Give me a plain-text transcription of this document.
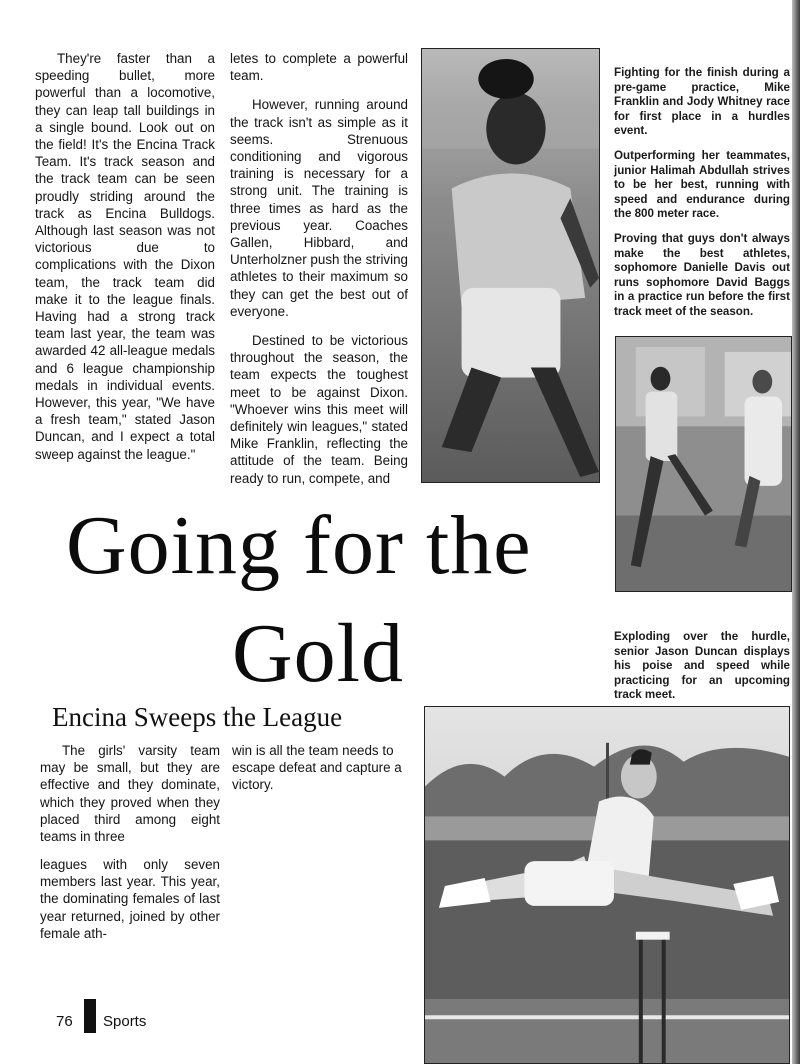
They're faster than a speeding bullet, more powerful than a locomotive, they can leap tall buildings in a single bound. Look out on the field! It's the Encina Track Team. It's track season and the track team can be seen proudly striding around the track as Encina Bulldogs. Although last season was not victorious due to complications with the Dixon team, the track team did make it to the league finals. Having had a strong track team last year, the team was awarded 42 all-league medals and 6 league championship medals in individual events. However, this year, "We have a fresh team," stated Jason Duncan, and I expect a total sweep against the league."

letes to complete a powerful team.

However, running around the track isn't as simple as it seems. Strenuous conditioning and vigorous training is necessary for a strong unit. The training is three times as hard as the previous year. Coaches Gallen, Hibbard, and Unterholzner push the striving athletes to their maximum so they can get the best out of everyone.

Destined to be victorious throughout the season, the team expects the toughest meet to be against Dixon. "Whoever wins this meet will definitely win leagues," stated Mike Franklin, reflecting the attitude of the team. Being ready to run, compete, and

Fighting for the finish during a pre-game practice, Mike Franklin and Jody Whitney race for first place in a hurdles event.

Outperforming her teammates, junior Halimah Abdullah strives to be her best, running with speed and endurance during the 800 meter race.

Proving that guys don't always make the best athletes, sophomore Danielle Davis out runs sophomore David Baggs in a practice run before the first track meet of the season.

Going for the
Gold	Exploding over the hurdle, senior Jason Duncan displays his poise and speed while practicing for an upcoming track meet.

Encina Sweeps the League

The girls' varsity team may be small, but they are effective and they dominate, which they proved when they placed third among eight teams in three

leagues with only seven members last year. This year, the dominating females of last year returned, joined by other female ath-

win is all the team needs to escape defeat and capture a victory.

76 Sports
